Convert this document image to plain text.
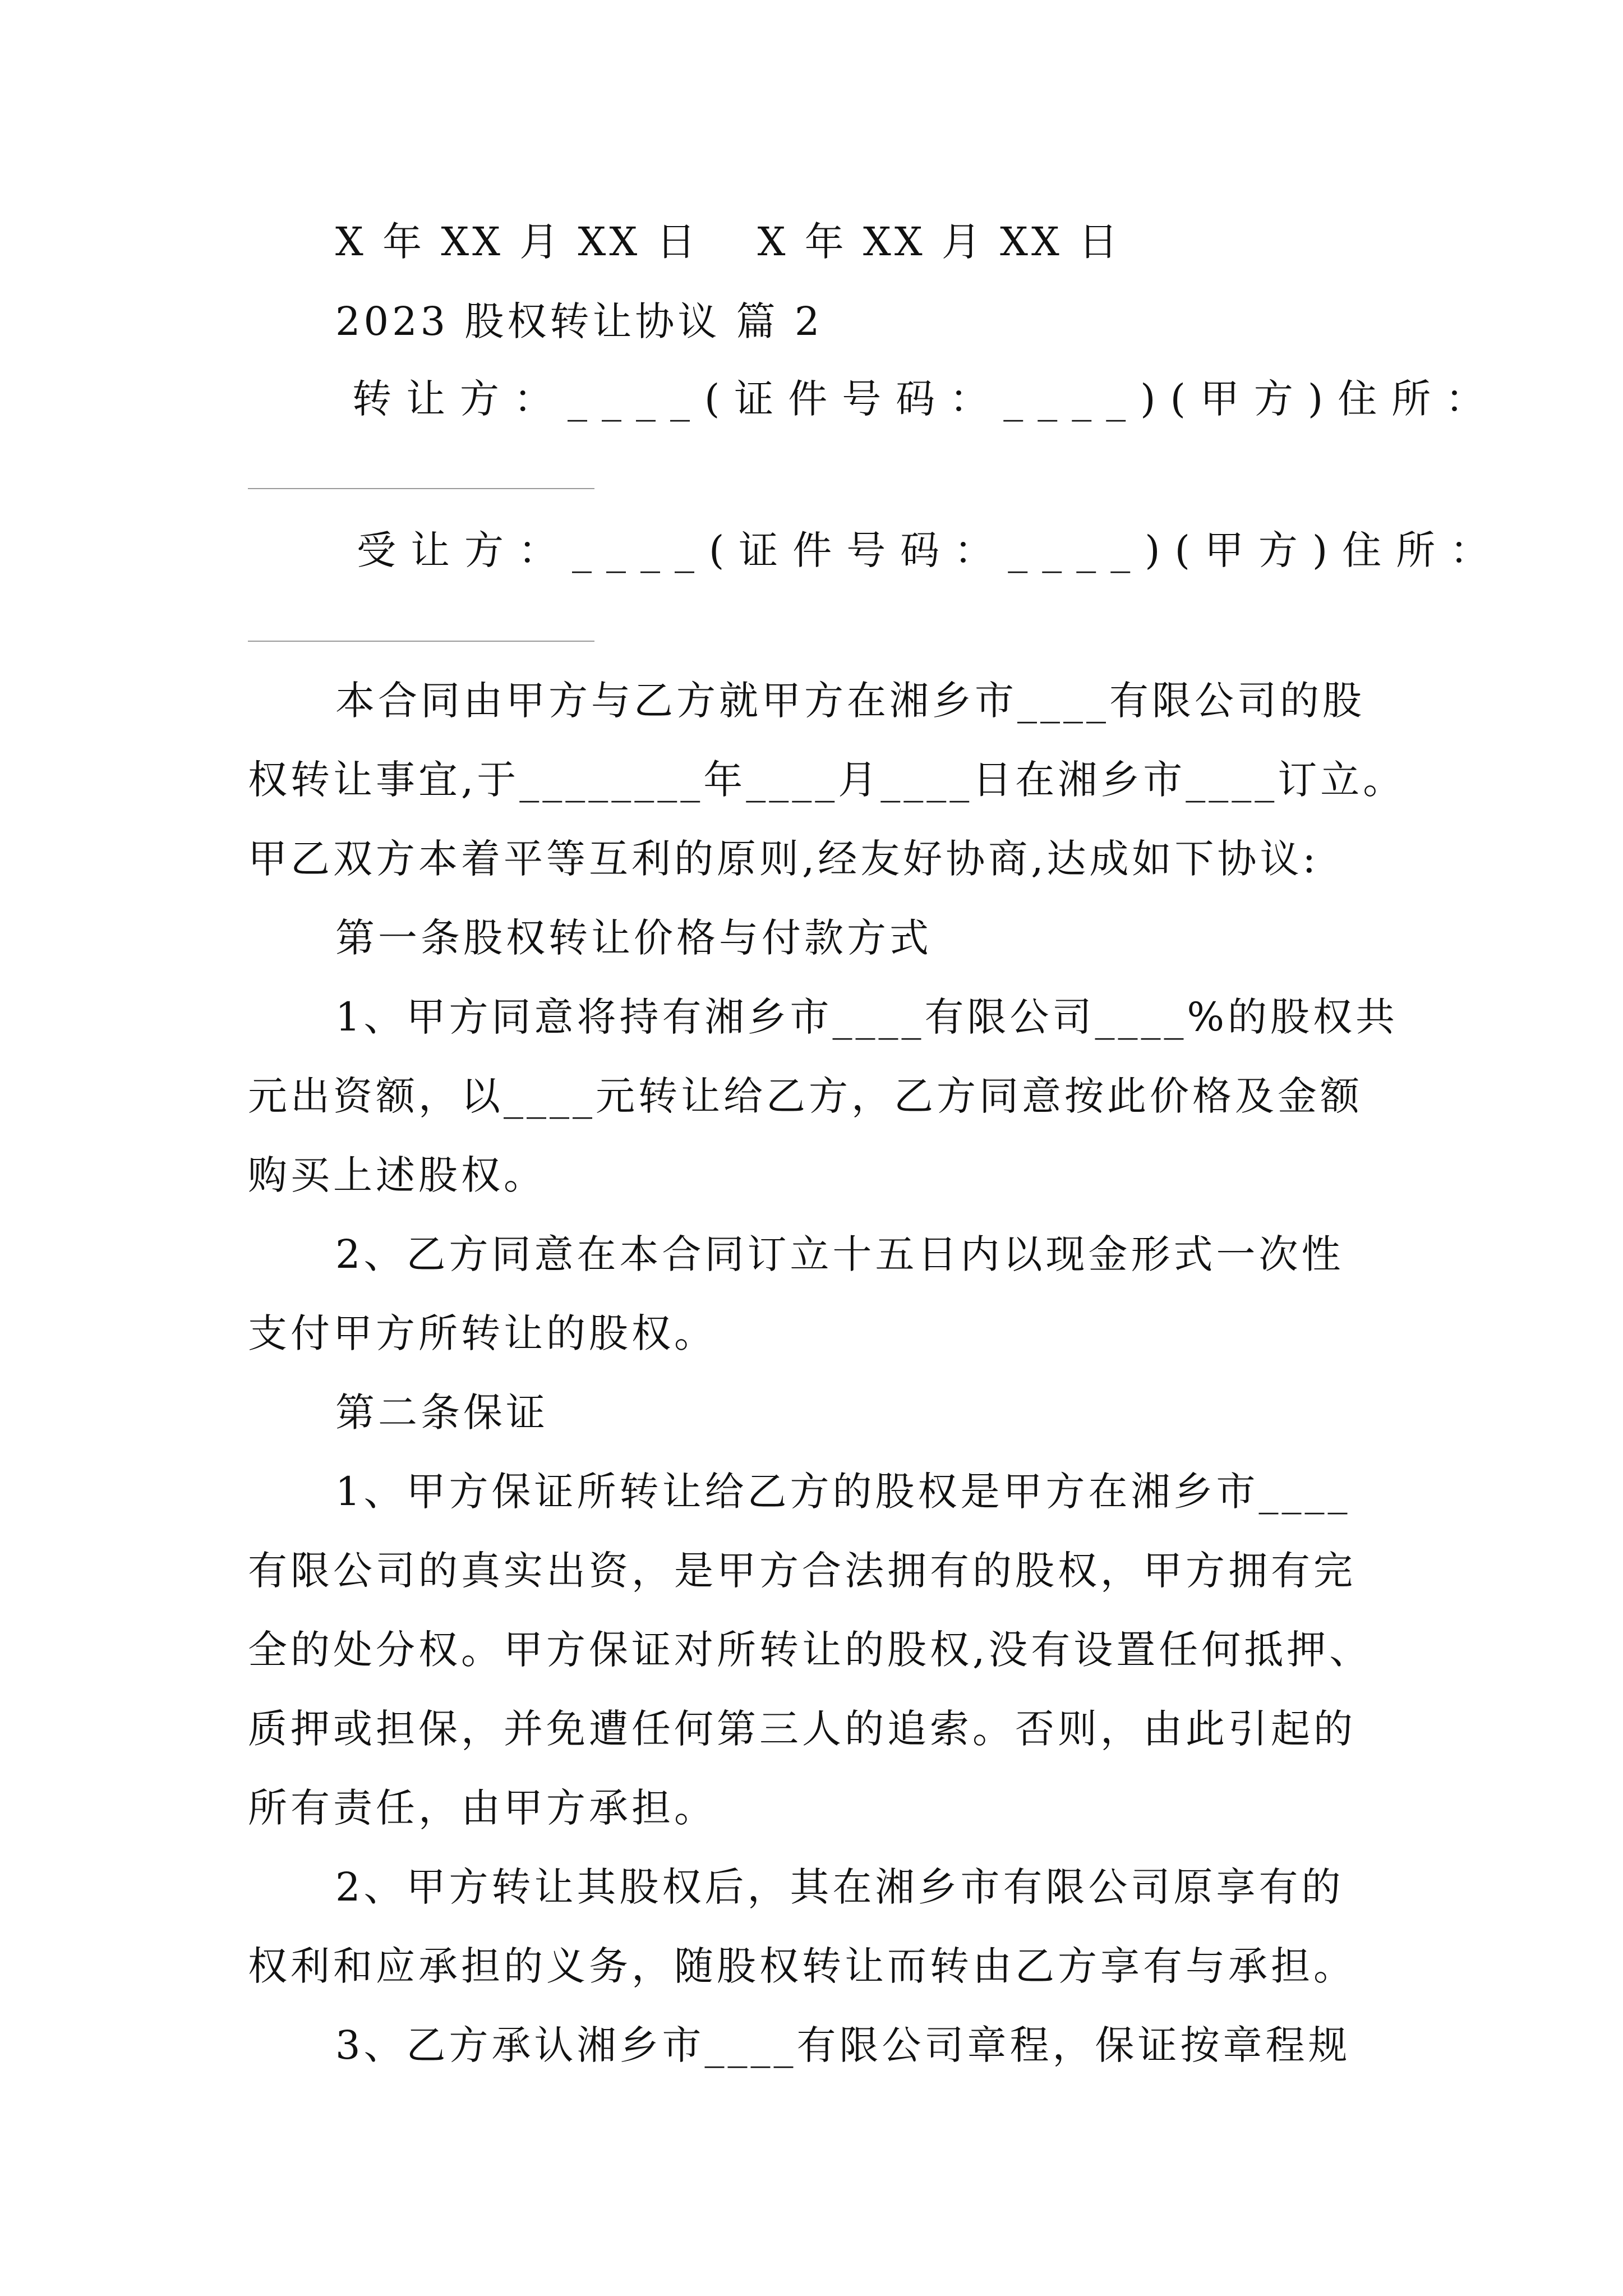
X 年 XX 月 XX 日　 X 年 XX 月 XX 日
2023 股权转让协议 篇 2
转让方：____(证件号码：____)(甲方)住所：
受让方：____(证件号码：____)(甲方)住所：
本合同由甲方与乙方就甲方在湘乡市____有限公司的股
权转让事宜,于________年____月____日在湘乡市____订立。
甲乙双方本着平等互利的原则,经友好协商,达成如下协议:
第一条股权转让价格与付款方式
1、甲方同意将持有湘乡市____有限公司____%的股权共
元出资额，以____元转让给乙方，乙方同意按此价格及金额
购买上述股权。
2、乙方同意在本合同订立十五日内以现金形式一次性
支付甲方所转让的股权。
第二条保证
1、甲方保证所转让给乙方的股权是甲方在湘乡市____
有限公司的真实出资，是甲方合法拥有的股权，甲方拥有完
全的处分权。甲方保证对所转让的股权,没有设置任何抵押、
质押或担保，并免遭任何第三人的追索。否则，由此引起的
所有责任，由甲方承担。
2、甲方转让其股权后，其在湘乡市有限公司原享有的
权利和应承担的义务，随股权转让而转由乙方享有与承担。
3、乙方承认湘乡市____有限公司章程，保证按章程规
